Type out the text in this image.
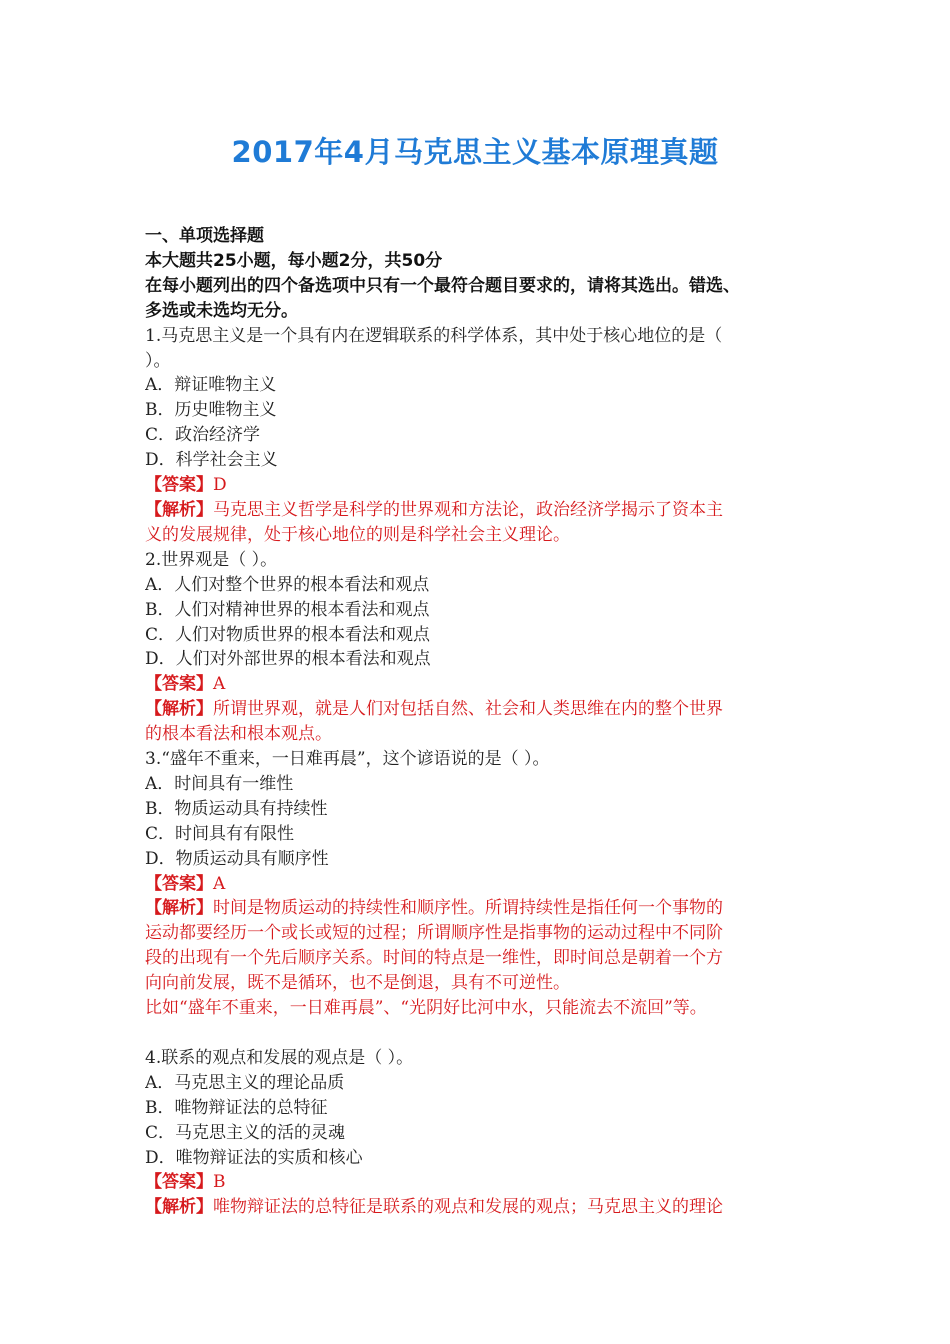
2017年4月马克思主义基本原理真题
一、单项选择题
本大题共25小题，每小题2分，共50分
在每小题列出的四个备选项中只有一个最符合题目要求的，请将其选出。错选、
多选或未选均无分。
1.马克思主义是一个具有内在逻辑联系的科学体系，其中处于核心地位的是（
）。
A．辩证唯物主义
B．历史唯物主义
C．政治经济学
D．科学社会主义
【答案】D
【解析】马克思主义哲学是科学的世界观和方法论，政治经济学揭示了资本主
义的发展规律，处于核心地位的则是科学社会主义理论。
2.世界观是（ ）。
A．人们对整个世界的根本看法和观点
B．人们对精神世界的根本看法和观点
C．人们对物质世界的根本看法和观点
D．人们对外部世界的根本看法和观点
【答案】A
【解析】所谓世界观，就是人们对包括自然、社会和人类思维在内的整个世界
的根本看法和根本观点。
3.“盛年不重来，一日难再晨”，这个谚语说的是（ ）。
A．时间具有一维性
B．物质运动具有持续性
C．时间具有有限性
D．物质运动具有顺序性
【答案】A
【解析】时间是物质运动的持续性和顺序性。所谓持续性是指任何一个事物的
运动都要经历一个或长或短的过程；所谓顺序性是指事物的运动过程中不同阶
段的出现有一个先后顺序关系。时间的特点是一维性，即时间总是朝着一个方
向向前发展，既不是循环，也不是倒退，具有不可逆性。
比如“盛年不重来，一日难再晨”、“光阴好比河中水，只能流去不流回”等。
4.联系的观点和发展的观点是（ ）。
A．马克思主义的理论品质
B．唯物辩证法的总特征
C．马克思主义的活的灵魂
D．唯物辩证法的实质和核心
【答案】B
【解析】唯物辩证法的总特征是联系的观点和发展的观点；马克思主义的理论
